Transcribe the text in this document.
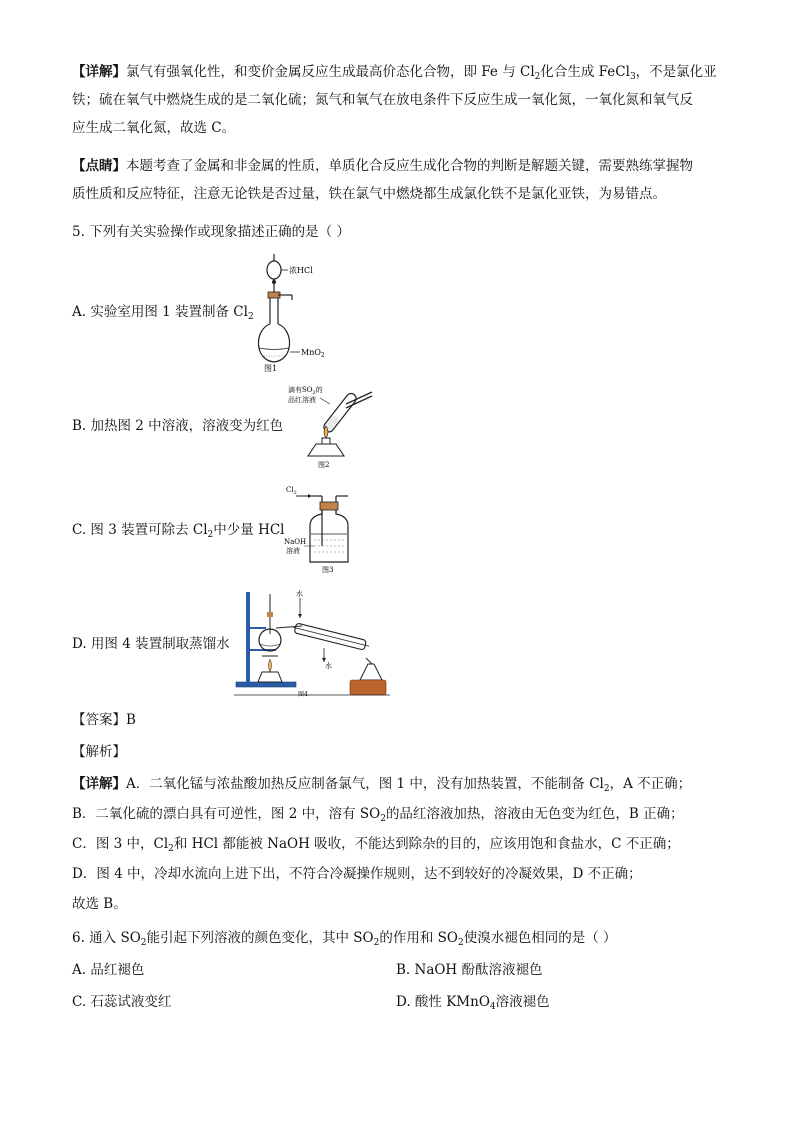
【详解】氯气有强氧化性，和变价金属反应生成最高价态化合物，即 Fe 与 $Cl_2$化合生成 FeCl$_3$，不是氯化亚
铁；硫在氧气中燃烧生成的是二氧化硫；氮气和氧气在放电条件下反应生成一氧化氮，一氧化氮和氧气反
应生成二氧化氮，故选 C。
【点睛】本题考查了金属和非金属的性质，单质化合反应生成化合物的判断是解题关键，需要熟练掌握物
质性质和反应特征，注意无论铁是否过量，铁在氯气中燃烧都生成氯化铁不是氯化亚铁，为易错点。
5. 下列有关实验操作或现象描述正确的是（ ）
A. 实验室用图 1 装置制备 $Cl_2$
浓HCl
MnO$_2$
图1
B. 加热图 2 中溶液，溶液变为红色
滴有$SO_2$的
品红溶液
图2
C. 图 3 装置可除去 $Cl_2$中少量 HCl
$Cl_2$
NaOH
溶液
图3
D. 用图 4 装置制取蒸馏水
水
水
图4
【答案】B
【解析】
【详解】A．二氧化锰与浓盐酸加热反应制备氯气，图 1 中，没有加热装置，不能制备 $Cl_2$，A 不正确；
B．二氧化硫的漂白具有可逆性，图 2 中，溶有 $SO_2$的品红溶液加热，溶液由无色变为红色，B 正确；
C．图 3 中，$Cl_2$和 HCl 都能被 NaOH 吸收，不能达到除杂的目的，应该用饱和食盐水，C 不正确；
D．图 4 中，冷却水流向上进下出，不符合冷凝操作规则，达不到较好的冷凝效果，D 不正确；
故选 B。
6. 通入 $SO_2$能引起下列溶液的颜色变化，其中 $SO_2$的作用和 $SO_2$使溴水褪色相同的是（ ）
A. 品红褪色	B. NaOH 酚酞溶液褪色
C. 石蕊试液变红	D. 酸性 KMnO$_4$溶液褪色
